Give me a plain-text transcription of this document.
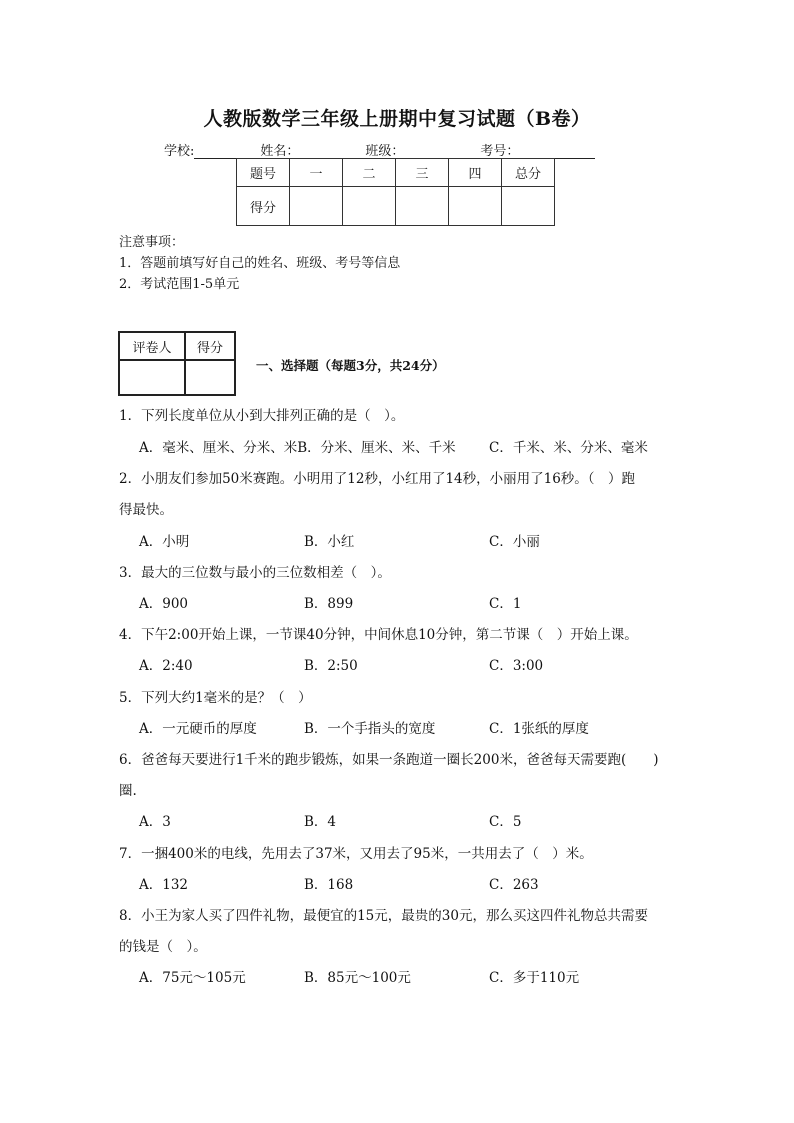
人教版数学三年级上册期中复习试题（B卷）
学校:	姓名：	班级：	考号：
题号	一	二	三	四	总分
得分					
注意事项：
1．答题前填写好自己的姓名、班级、考号等信息
2．考试范围1-5单元
评卷人	得分

一、选择题（每题3分，共24分）
1．下列长度单位从小到大排列正确的是（　）。
A．毫米、厘米、分米、米B．分米、厘米、米、千米 C．千米、米、分米、毫米
2．小朋友们参加50米赛跑。小明用了12秒，小红用了14秒，小丽用了16秒。（　）跑
得最快。
A．小明	B．小红	C．小丽
3．最大的三位数与最小的三位数相差（　）。
A．900	B．899	C．1
4．下午2:00开始上课，一节课40分钟，中间休息10分钟，第二节课（　）开始上课。
A．2:40	B．2:50	C．3:00
5．下列大约1毫米的是？（　）
A．一元硬币的厚度	B．一个手指头的宽度	C．1张纸的厚度
6．爸爸每天要进行1千米的跑步锻炼，如果一条跑道一圈长200米，爸爸每天需要跑(　　)
圈.
A．3	B．4	C．5
7．一捆400米的电线，先用去了37米，又用去了95米，一共用去了（　）米。
A．132	B．168	C．263
8．小王为家人买了四件礼物，最便宜的15元，最贵的30元，那么买这四件礼物总共需要
的钱是（　）。
A．75元～105元	B．85元～100元	C．多于110元
